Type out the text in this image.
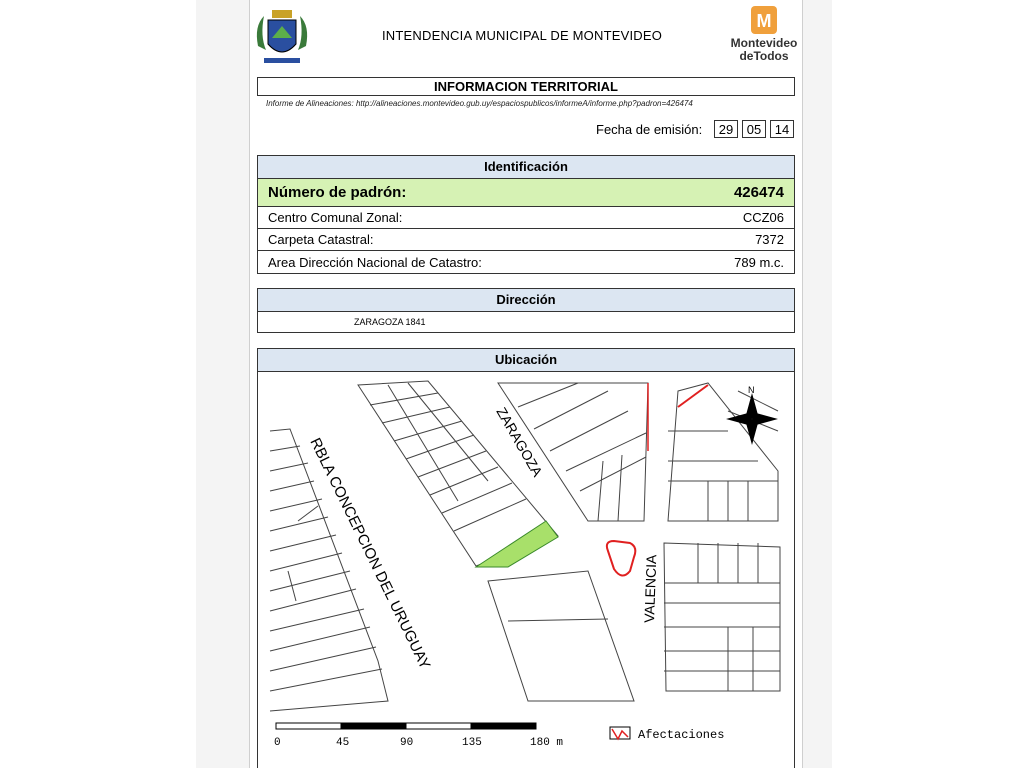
INTENDENCIA MUNICIPAL DE MONTEVIDEO
M
Montevideo
deTodos
INFORMACION TERRITORIAL
Informe de Alineaciones: http://alineaciones.montevideo.gub.uy/espaciospublicos/informeA/informe.php?padron=426474
Fecha de emisión:	29	05	14
Identificación
Número de padrón:	426474
Centro Comunal Zonal:	CCZ06
Carpeta Catastral:	7372
Area Dirección Nacional de Catastro:	789 m.c.
Dirección
ZARAGOZA 1841
Ubicación
RBLA CONCEPCION DEL URUGUAY	ZARAGOZA
VALENCIA
N
0	45	90	135	180 m
Afectaciones
